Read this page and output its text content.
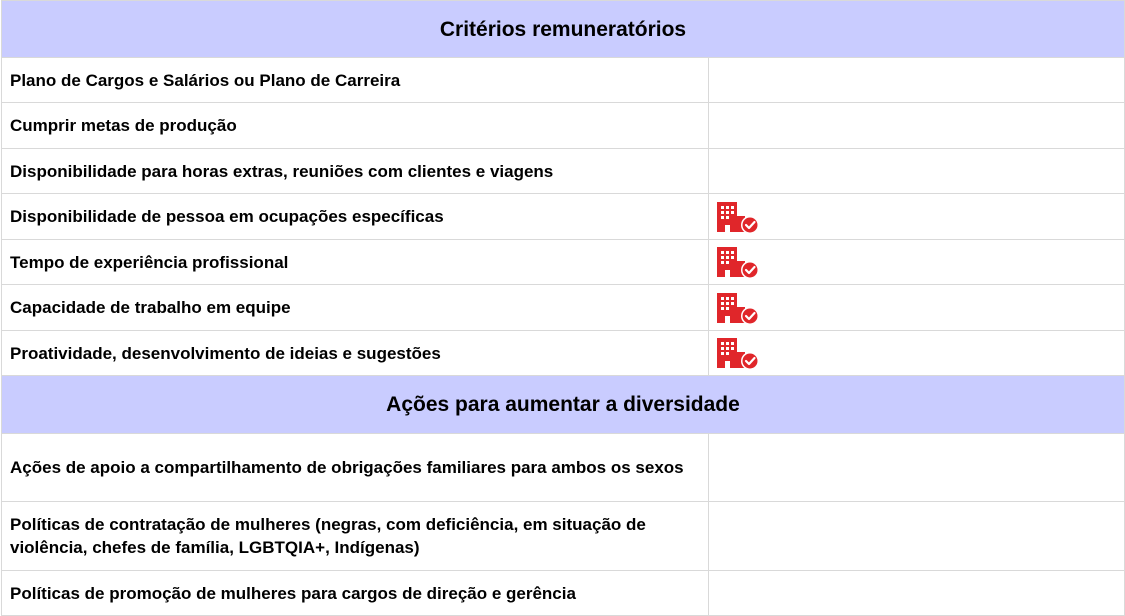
Critérios remuneratórios	
Plano de Cargos e Salários ou Plano de Carreira	
Cumprir metas de produção	
Disponibilidade para horas extras, reuniões com clientes e viagens	
Disponibilidade de pessoa em ocupações específicas	

Tempo de experiência profissional	

Capacidade de trabalho em equipe	

Proatividade, desenvolvimento de ideias e sugestões	

Ações para aumentar a diversidade	
Ações de apoio a compartilhamento de obrigações familiares para ambos os sexos	
Políticas de contratação de mulheres (negras, com deficiência, em situação de violência, chefes de família, LGBTQIA+, Indígenas)	
Políticas de promoção de mulheres para cargos de direção e gerência	
